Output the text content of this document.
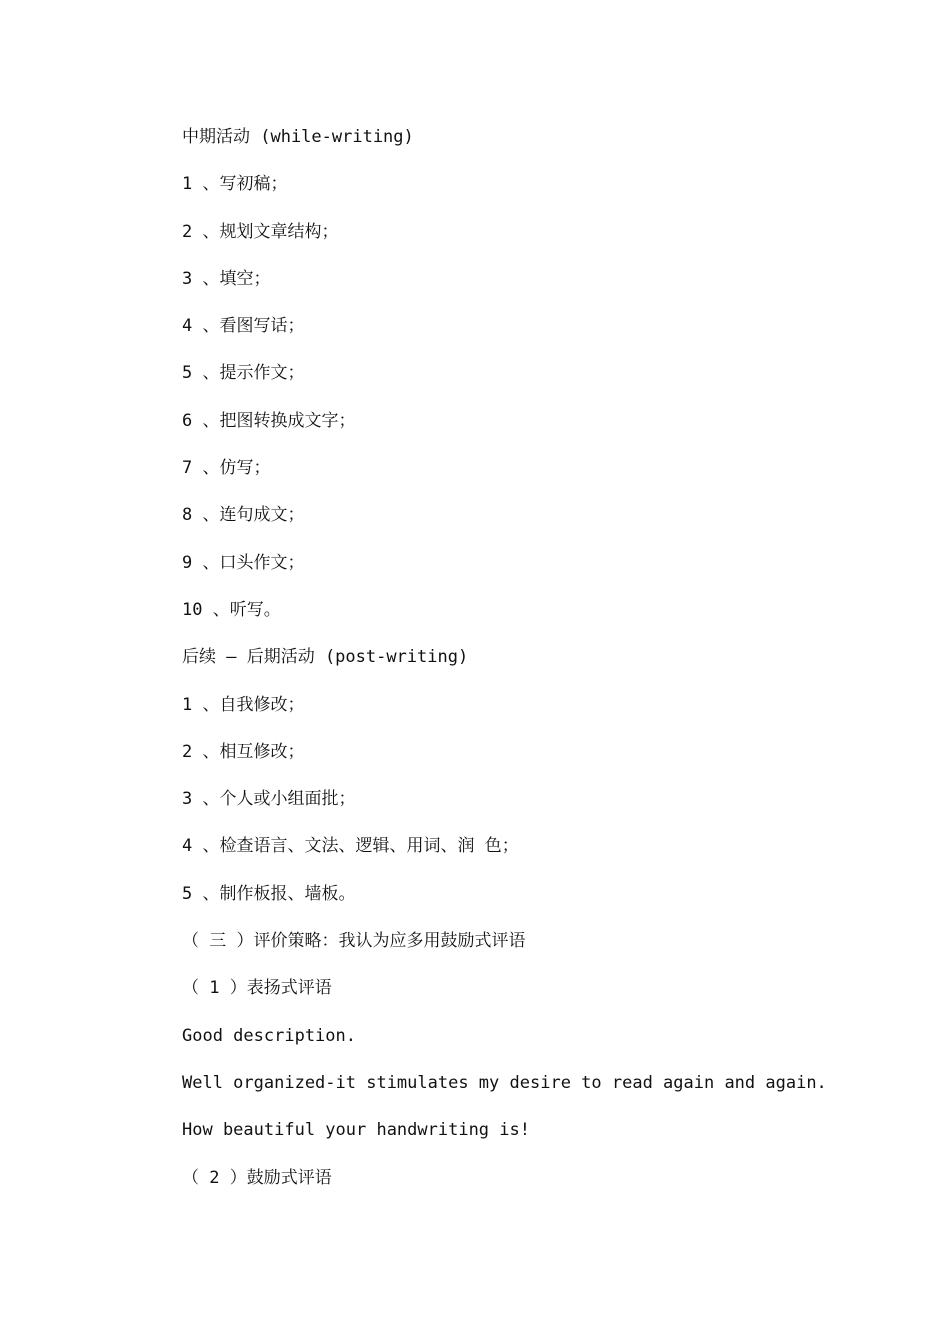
中期活动 (while-writing)
1 、写初稿；
2 、规划文章结构；
3 、填空；
4 、看图写话；
5 、提示作文；
6 、把图转换成文字；
7 、仿写；
8 、连句成文；
9 、口头作文；
10 、听写。
后续 — 后期活动 (post-writing)
1 、自我修改；
2 、相互修改；
3 、个人或小组面批；
4 、检查语言、文法、逻辑、用词、润 色；
5 、制作板报、墙板。
（ 三 ）评价策略：我认为应多用鼓励式评语
（ 1 ）表扬式评语
Good description.
Well organized-it stimulates my desire to read again and again.
How beautiful your handwriting is!
（ 2 ）鼓励式评语
